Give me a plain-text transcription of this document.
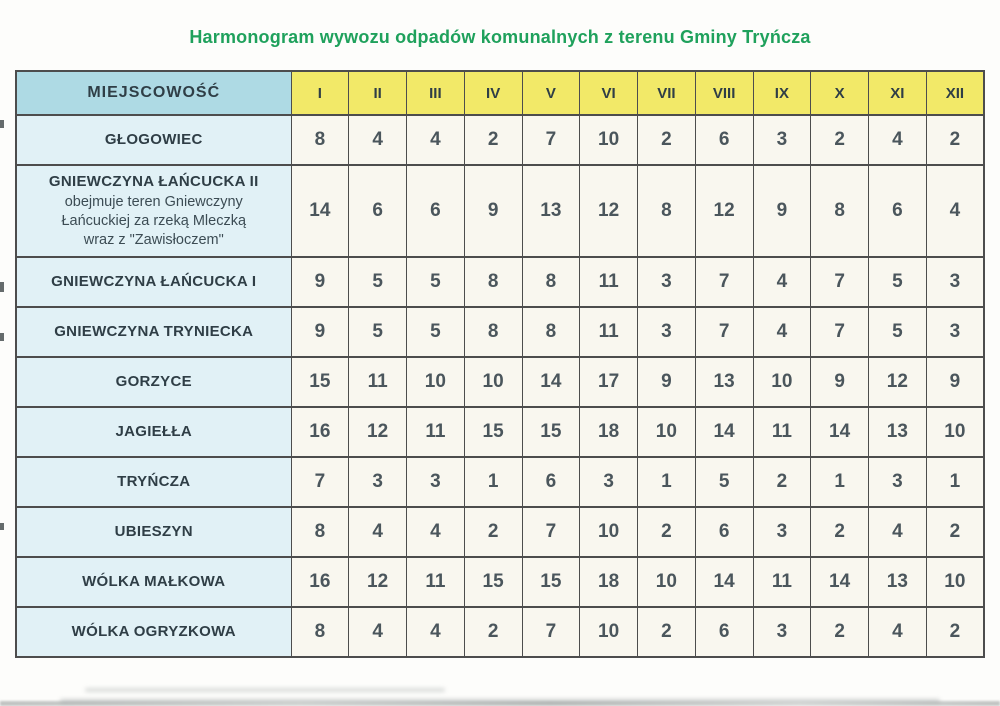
Harmonogram wywozu odpadów komunalnych z terenu Gminy Tryńcza
MIEJSCOWOŚĆ	I	II	III	IV	V	VI	VII	VIII	IX	X	XI	XII

GŁOGOWIEC	8	4	4	2	7	10	2	6	3	2	4	2

GNIEWCZYNA ŁAŃCUCKA II
obejmuje teren Gniewczyny Łańcuckiej za rzeką Mleczką wraz z "Zawisłoczem"	14	6	6	9	13	12	8	12	9	8	6	4

GNIEWCZYNA ŁAŃCUCKA I	9	5	5	8	8	11	3	7	4	7	5	3

GNIEWCZYNA TRYNIECKA	9	5	5	8	8	11	3	7	4	7	5	3

GORZYCE	15	11	10	10	14	17	9	13	10	9	12	9

JAGIEŁŁA	16	12	11	15	15	18	10	14	11	14	13	10

TRYŃCZA	7	3	3	1	6	3	1	5	2	1	3	1

UBIESZYN	8	4	4	2	7	10	2	6	3	2	4	2

WÓLKA MAŁKOWA	16	12	11	15	15	18	10	14	11	14	13	10

WÓLKA OGRYZKOWA	8	4	4	2	7	10	2	6	3	2	4	2
